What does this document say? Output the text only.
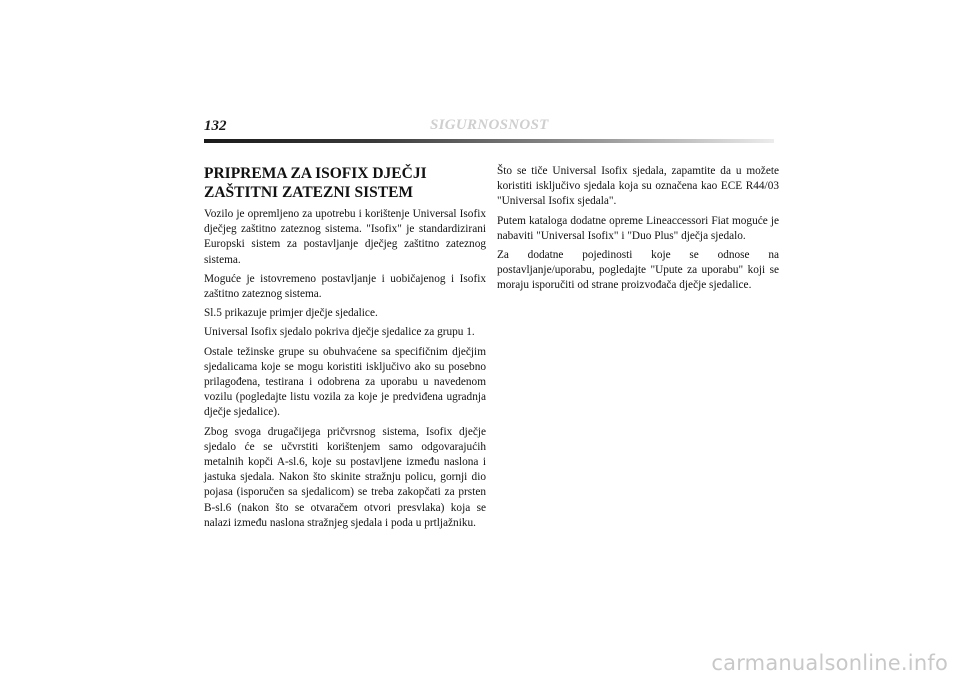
132	SIGURNOSNOST
PRIPREMA ZA ISOFIX DJEČJI ZAŠTITNI ZATEZNI SISTEM

Vozilo je opremljeno za upotrebu i korištenje Universal Isofix dječjeg zaštitno zateznog sistema. "Isofix" je standardizirani Europski sistem za postavljanje dječjeg zaštitno zateznog sistema.

Moguće je istovremeno postavljanje i uobičajenog i Isofix zaštitno zateznog sistema.

Sl.5 prikazuje primjer dječje sjedalice.

Universal Isofix sjedalo pokriva dječje sjedalice za grupu 1.

Ostale težinske grupe su obuhvaćene sa specifičnim dječjim sjedalicama koje se mogu koristiti isključivo ako su posebno prilagođena, testirana i odobrena za uporabu u navedenom vozilu (pogledajte listu vozila za koje je predviđena ugradnja dječje sjedalice).

Zbog svoga drugačijega pričvrsnog sistema, Isofix dječje sjedalo će se učvrstiti korištenjem samo odgovarajućih metalnih kopči A-sl.6, koje su postavljene između naslona i jastuka sjedala. Nakon što skinite stražnju policu, gornji dio pojasa (isporučen sa sjedalicom) se treba zakopčati za prsten B-sl.6 (nakon što se otvaračem otvori presvlaka) koja se nalazi između naslona stražnjeg sjedala i poda u prtljažniku.

Što se tiče Universal Isofix sjedala, zapamtite da u možete koristiti isključivo sjedala koja su označena kao ECE R44/03 "Universal Isofix sjedala".

Putem kataloga dodatne opreme Lineaccessori Fiat moguće je nabaviti "Universal Isofix" i "Duo Plus" dječja sjedalo.

Za dodatne pojedinosti koje se odnose na postavljanje/uporabu, pogledajte "Upute za uporabu" koji se moraju isporučiti od strane proizvođača dječje sjedalice.

carmanualsonline.info
